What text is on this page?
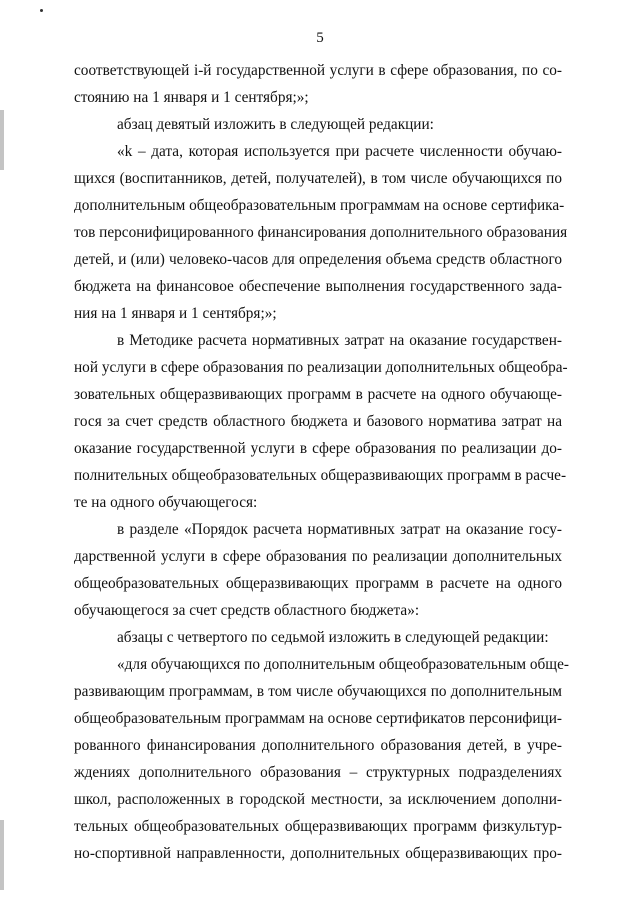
5
соответствующей i-й государственной услуги в сфере образования, по со-
стоянию на 1 января и 1 сентября;»;
абзац девятый изложить в следующей редакции:
«k – дата, которая используется при расчете численности обучаю-
щихся (воспитанников, детей, получателей), в том числе обучающихся по
дополнительным общеобразовательным программам на основе сертифика-
тов персонифицированного финансирования дополнительного образования
детей, и (или) человеко-часов для определения объема средств областного
бюджета на финансовое обеспечение выполнения государственного зада-
ния на 1 января и 1 сентября;»;
в Методике расчета нормативных затрат на оказание государствен-
ной услуги в сфере образования по реализации дополнительных общеобра-
зовательных общеразвивающих программ в расчете на одного обучающе-
гося за счет средств областного бюджета и базового норматива затрат на
оказание государственной услуги в сфере образования по реализации до-
полнительных общеобразовательных общеразвивающих программ в расче-
те на одного обучающегося:
в разделе «Порядок расчета нормативных затрат на оказание госу-
дарственной услуги в сфере образования по реализации дополнительных
общеобразовательных общеразвивающих программ в расчете на одного
обучающегося за счет средств областного бюджета»:
абзацы с четвертого по седьмой изложить в следующей редакции:
«для обучающихся по дополнительным общеобразовательным обще-
развивающим программам, в том числе обучающихся по дополнительным
общеобразовательным программам на основе сертификатов персонифици-
рованного финансирования дополнительного образования детей, в учре-
ждениях дополнительного образования – структурных подразделениях
школ, расположенных в городской местности, за исключением дополни-
тельных общеобразовательных общеразвивающих программ физкультур-
но-спортивной направленности, дополнительных общеразвивающих про-
